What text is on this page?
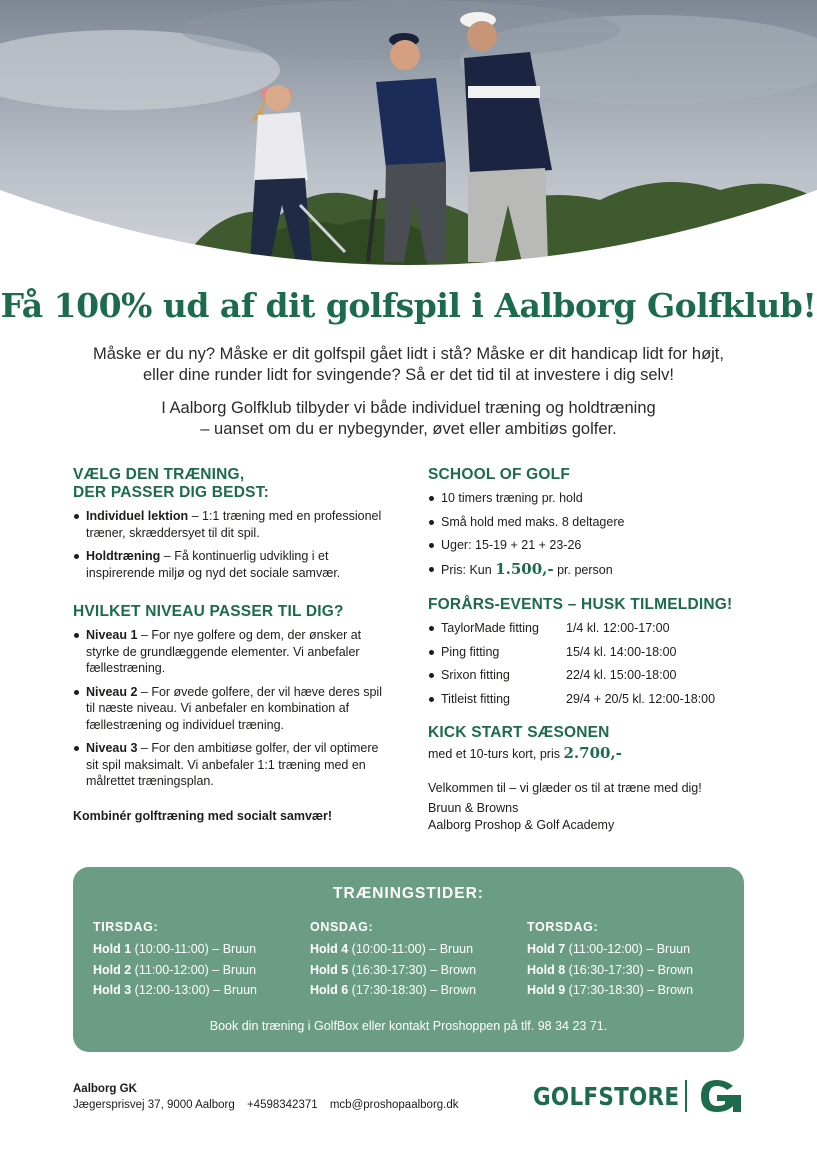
Få 100% ud af dit golfspil i Aalborg Golfklub!
Måske er du ny? Måske er dit golfspil gået lidt i stå? Måske er dit handicap lidt for højt,
eller dine runder lidt for svingende? Så er det tid til at investere i dig selv!
I Aalborg Golfklub tilbyder vi både individuel træning og holdtræning
– uanset om du er nybegynder, øvet eller ambitiøs golfer.
VÆLG DEN TRÆNING,
DER PASSER DIG BEDST:
Individuel lektion – 1:1 træning med en professionel træner, skræddersyet til dit spil.
Holdtræning – Få kontinuerlig udvikling i et inspirerende miljø og nyd det sociale samvær.
HVILKET NIVEAU PASSER TIL DIG?
Niveau 1 – For nye golfere og dem, der ønsker at styrke de grundlæggende elementer. Vi anbefaler fællestræning.
Niveau 2 – For øvede golfere, der vil hæve deres spil til næste niveau. Vi anbefaler en kombination af fællestræning og individuel træning.
Niveau 3 – For den ambitiøse golfer, der vil optimere sit spil maksimalt. Vi anbefaler 1:1 træning med en målrettet træningsplan.
Kombinér golftræning med socialt samvær!
SCHOOL OF GOLF
10 timers træning pr. hold
Små hold med maks. 8 deltagere
Uger: 15-19 + 21 + 23-26
Pris: Kun 1.500,- pr. person
FORÅRS-EVENTS – HUSK TILMELDING!
TaylorMade fitting	1/4 kl. 12:00-17:00
Ping fitting	15/4 kl. 14:00-18:00
Srixon fitting	22/4 kl. 15:00-18:00
Titleist fitting	29/4 + 20/5 kl. 12:00-18:00
KICK START SÆSONEN
med et 10-turs kort, pris 2.700,-
Velkommen til – vi glæder os til at træne med dig!
Bruun & Browns
Aalborg Proshop & Golf Academy
TRÆNINGSTIDER:
TIRSDAG:
Hold 1 (10:00-11:00) – Bruun
Hold 2 (11:00-12:00) – Bruun
Hold 3 (12:00-13:00) – Bruun
ONSDAG:
Hold 4 (10:00-11:00) – Bruun
Hold 5 (16:30-17:30) – Brown
Hold 6 (17:30-18:30) – Brown
TORSDAG:
Hold 7 (11:00-12:00) – Bruun
Hold 8 (16:30-17:30) – Brown
Hold 9 (17:30-18:30) – Brown
Book din træning i GolfBox eller kontakt Proshoppen på tlf. 98 34 23 71.
Aalborg GK
Jægersprisvej 37, 9000 Aalborg +4598342371 mcb@proshopaalborg.dk	GOLFSTORE
